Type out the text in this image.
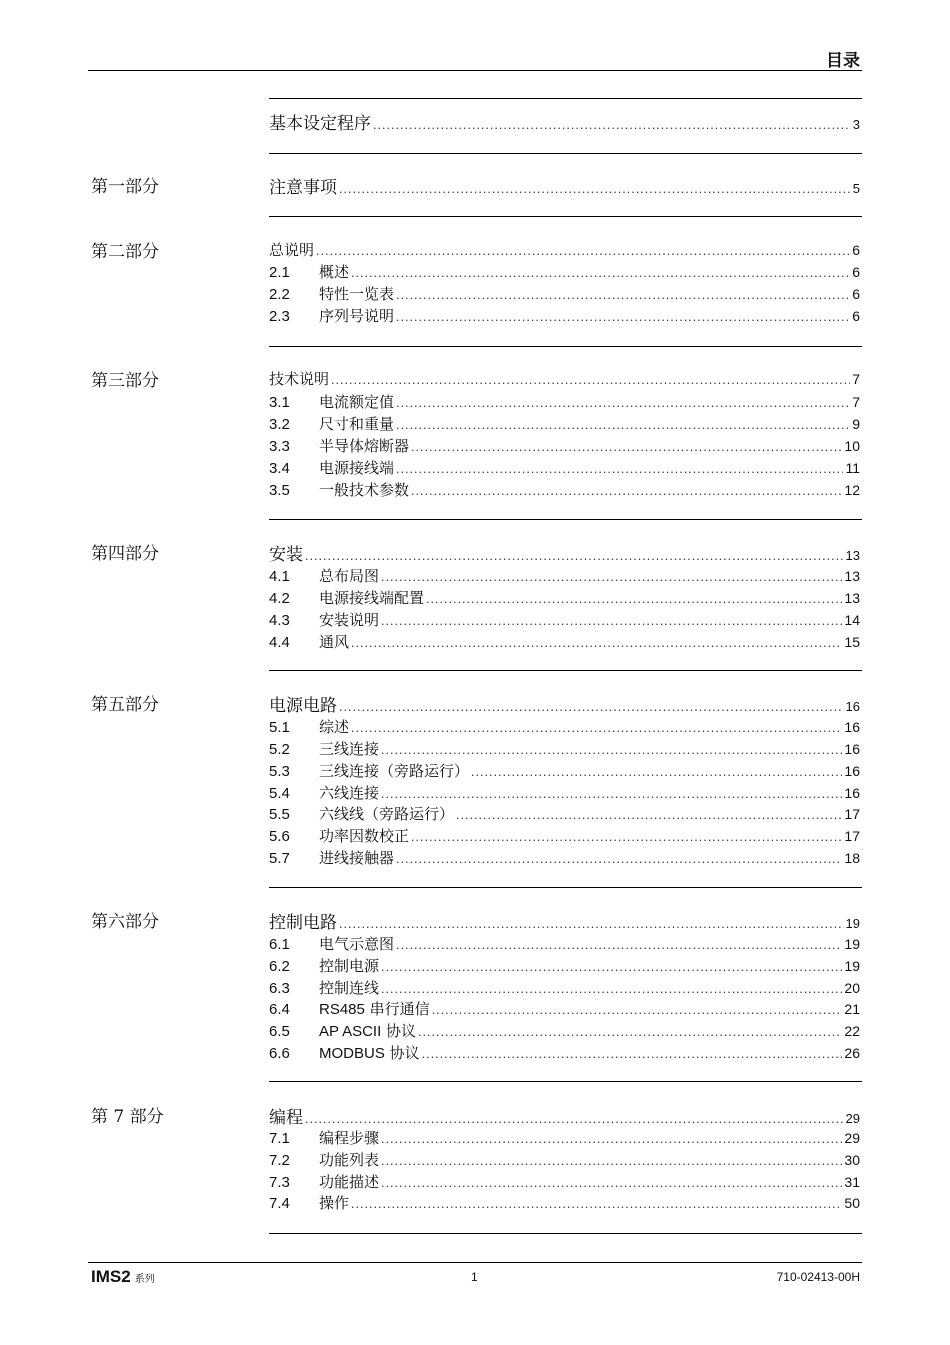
目录
基本设定程序 .....	3
第一部分	注意事项 .....	5
第二部分	总说明 .....	6
2.1	概述 .....	6
2.2	特性一览表 .....	6
2.3	序列号说明 .....	6
第三部分	技术说明 .....	7
3.1	电流额定值 .....	7
3.2	尺寸和重量 .....	9
3.3	半导体熔断器 .....	10
3.4	电源接线端 .....	11
3.5	一般技术参数 .....	12
第四部分	安装 .....	13
4.1	总布局图 .....	13
4.2	电源接线端配置 .....	13
4.3	安装说明 .....	14
4.4	通风 .....	15
第五部分	电源电路 .....	16
5.1	综述 .....	16
5.2	三线连接 .....	16
5.3	三线连接（旁路运行） .....	16
5.4	六线连接 .....	16
5.5	六线线（旁路运行） .....	17
5.6	功率因数校正 .....	17
5.7	进线接触器 .....	18
第六部分	控制电路 .....	19
6.1	电气示意图 .....	19
6.2	控制电源 .....	19
6.3	控制连线 .....	20
6.4	RS485 串行通信 .....	21
6.5	AP ASCII 协议 .....	22
6.6	MODBUS 协议 .....	26
第 7 部分	编程 .....	29
7.1	编程步骤 .....	29
7.2	功能列表 .....	30
7.3	功能描述 .....	31
7.4	操作 .....	50
IMS2 系列	1	710-02413-00H
